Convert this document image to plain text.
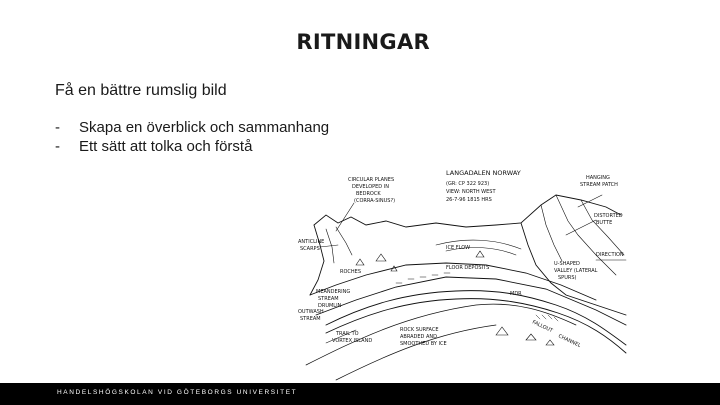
RITNINGAR
Få en bättre rumslig bild
-	Skapa en överblick och sammanhang
-	Ett sätt att tolka och förstå
LANGADALEN NORWAY
(GR: CP 322 923)
VIEW: NORTH WEST
26-7-96 1815 HRS
CIRCULAR PLANES
DEVELOPED IN
BEDROCK
(CORRA-SINUS?)
ANTICLINE
SCARPS
HANGING
STREAM PATCH
DISTORTED
BUTTE
U-SHAPED
VALLEY (LATERAL
SPURS)
DIRECTION
ICE FLOW
FLOOR DEPOSITS
ROCHES
MDR
MEANDERING
STREAM
DRUMLIN
OUTWASH
STREAM
TRAIL TO
VORTEX ISLAND
ROCK SURFACE
ABRADED AND
SMOOTHED BY ICE
FALLOUT
CHANNEL
HANDELSHÖGSKOLAN VID GÖTEBORGS UNIVERSITET
